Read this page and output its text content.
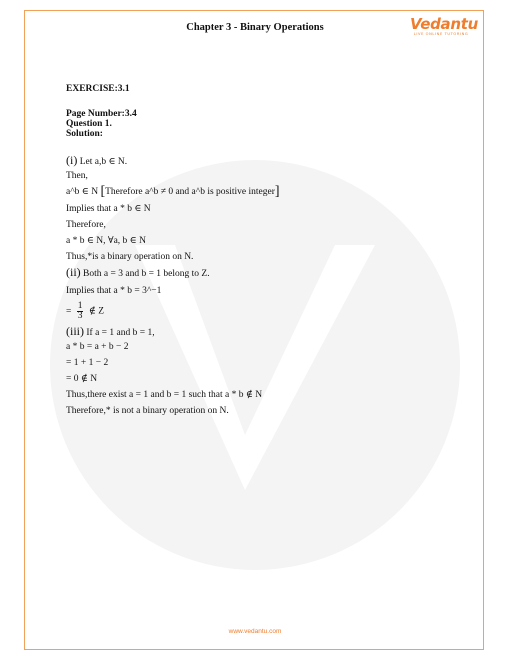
Chapter 3 - Binary Operations	Vedantu
LIVE ONLINE TUTORING
EXERCISE:3.1
Page Number:3.4
Question 1.
Solution:
(i) Let a,b ∈ N.
Then,
a^b ∈ N [Therefore a^b ≠ 0 and a^b is positive integer]
Implies that a * b ∈ N
Therefore,
a * b ∈ N, ∀a, b ∈ N
Thus,*is a binary operation on N.
(ii) Both a = 3 and b = 1 belong to Z.
Implies that a * b = 3^−1
= $\frac{1}{3}$ ∉ Z
(iii) If a = 1 and b = 1,
a * b = a + b − 2
= 1 + 1 − 2
= 0 ∉ N
Thus,there exist a = 1 and b = 1 such that a * b ∉ N
Therefore,* is not a binary operation on N.
www.vedantu.com
